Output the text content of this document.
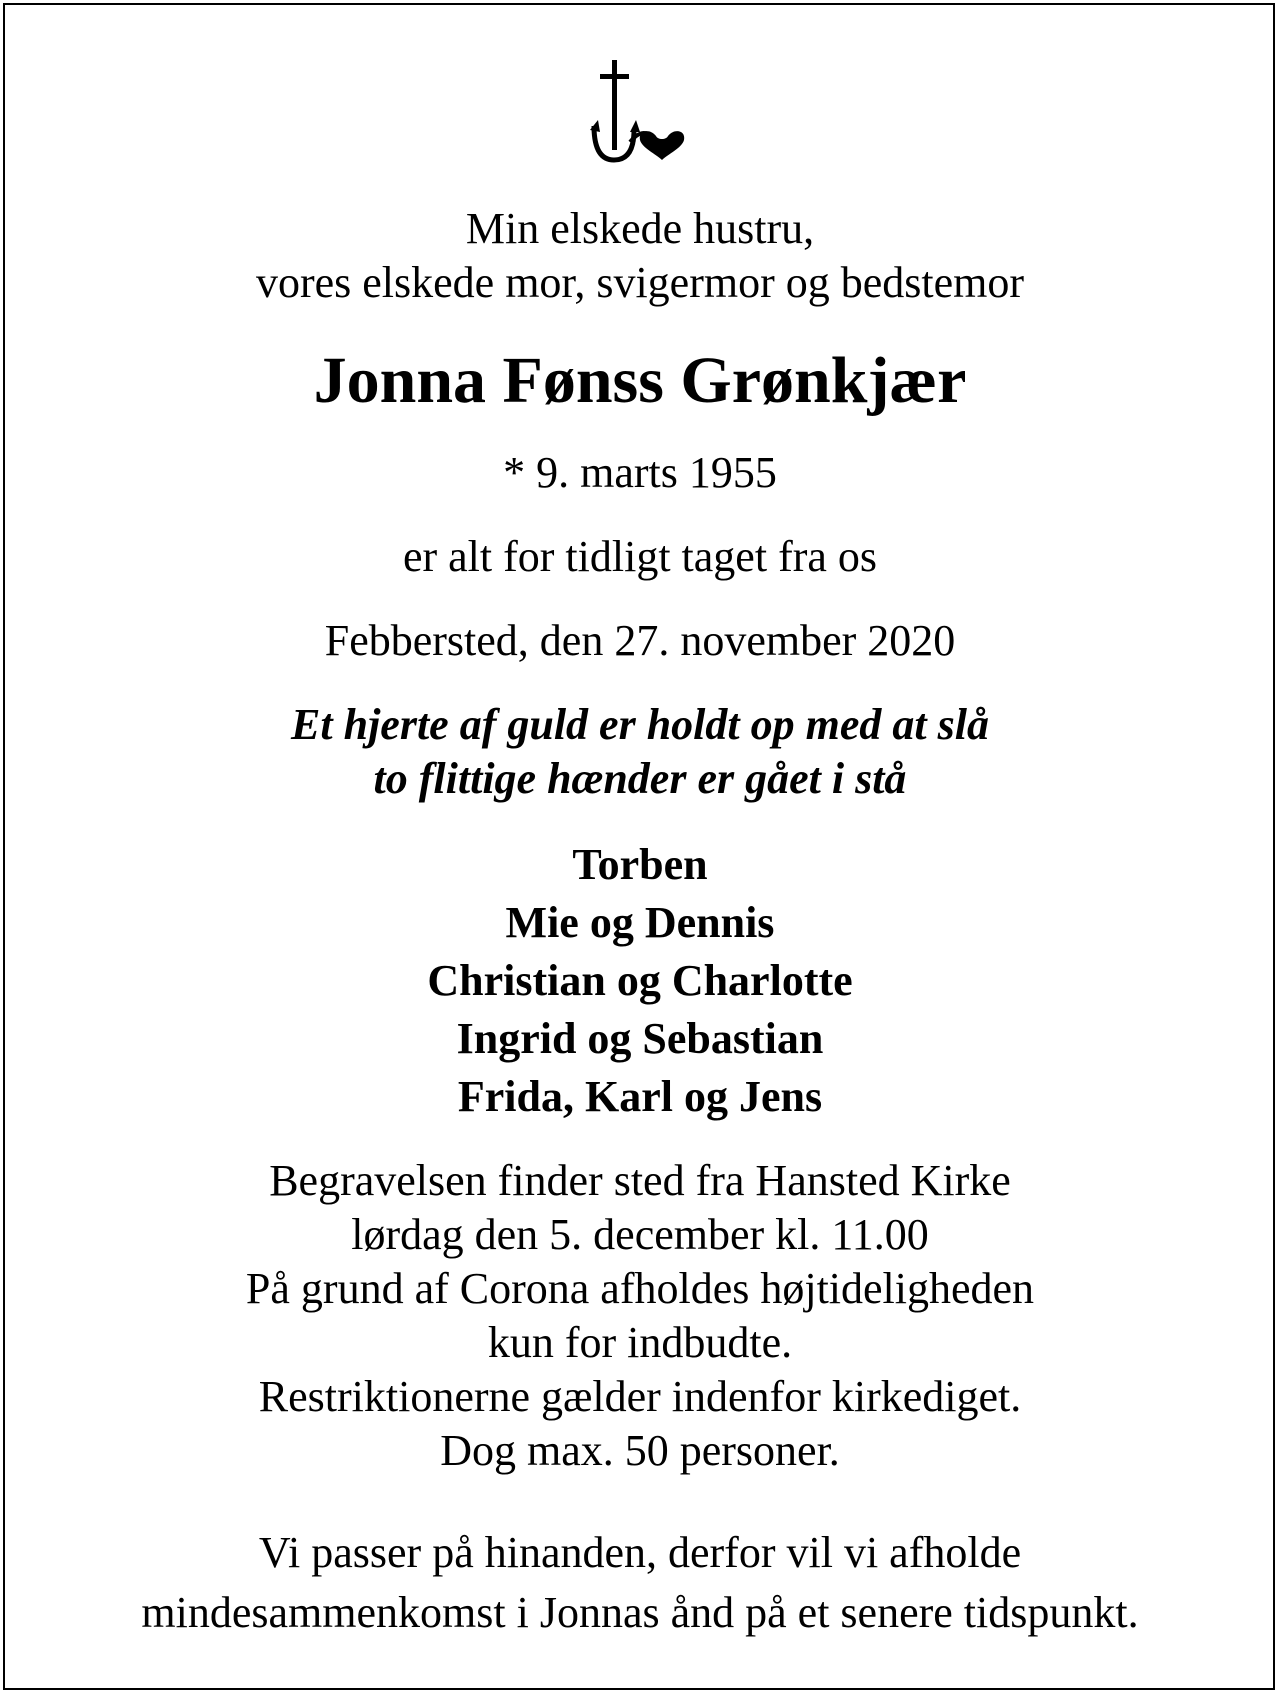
Min elskede hustru,
vores elskede mor, svigermor og bedstemor
Jonna Fønss Grønkjær
* 9. marts 1955
er alt for tidligt taget fra os
Febbersted, den 27. november 2020
Et hjerte af guld er holdt op med at slå
to flittige hænder er gået i stå
Torben
Mie og Dennis
Christian og Charlotte
Ingrid og Sebastian
Frida, Karl og Jens
Begravelsen finder sted fra Hansted Kirke
lørdag den 5. december kl. 11.00
På grund af Corona afholdes højtideligheden
kun for indbudte.
Restriktionerne gælder indenfor kirkediget.
Dog max. 50 personer.
Vi passer på hinanden, derfor vil vi afholde
mindesammenkomst i Jonnas ånd på et senere tidspunkt.
